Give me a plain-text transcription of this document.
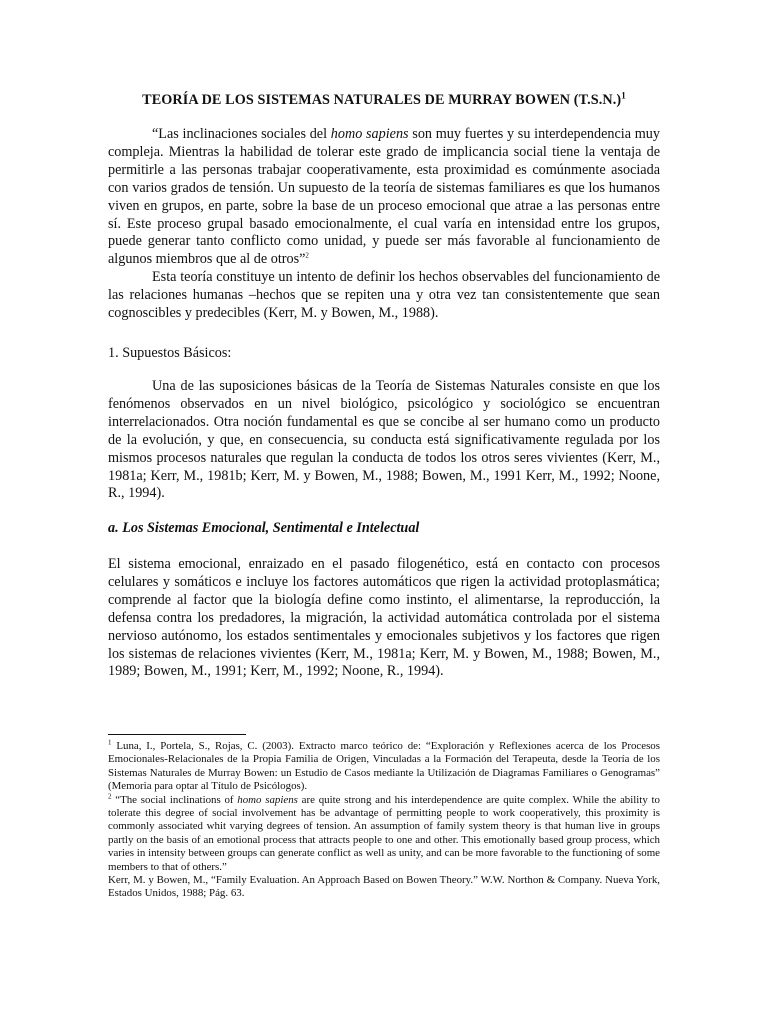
TEORÍA DE LOS SISTEMAS NATURALES DE MURRAY BOWEN $(T.S.N.)^1$

“Las inclinaciones sociales del homo sapiens son muy fuertes y su interdependencia muy compleja. Mientras la habilidad de tolerar este grado de implicancia social tiene la ventaja de permitirle a las personas trabajar cooperativamente, esta proximidad es comúnmente asociada con varios grados de tensión. Un supuesto de la teoría de sistemas familiares es que los humanos viven en grupos, en parte, sobre la base de un proceso emocional que atrae a las personas entre sí. Este proceso grupal basado emocionalmente, el cual varía en intensidad entre los grupos, puede generar tanto conflicto como unidad, y puede ser más favorable al funcionamiento de algunos miembros que al de otros”$^2$

Esta teoría constituye un intento de definir los hechos observables del funcionamiento de las relaciones humanas –hechos que se repiten una y otra vez tan consistentemente que sean cognoscibles y predecibles (Kerr, M. y Bowen, M., 1988).

1. Supuestos Básicos:

Una de las suposiciones básicas de la Teoría de Sistemas Naturales consiste en que los fenómenos observados en un nivel biológico, psicológico y sociológico se encuentran interrelacionados. Otra noción fundamental es que se concibe al ser humano como un producto de la evolución, y que, en consecuencia, su conducta está significativamente regulada por los mismos procesos naturales que regulan la conducta de todos los otros seres vivientes (Kerr, M., 1981a; Kerr, M., 1981b; Kerr, M. y Bowen, M., 1988; Bowen, M., 1991 Kerr, M., 1992; Noone, R., 1994).

a. Los Sistemas Emocional, Sentimental e Intelectual

El sistema emocional, enraizado en el pasado filogenético, está en contacto con procesos celulares y somáticos e incluye los factores automáticos que rigen la actividad protoplasmática; comprende al factor que la biología define como instinto, el alimentarse, la reproducción, la defensa contra los predadores, la migración, la actividad automática controlada por el sistema nervioso autónomo, los estados sentimentales y emocionales subjetivos y los factores que rigen los sistemas de relaciones vivientes (Kerr, M., 1981a; Kerr, M. y Bowen, M., 1988; Bowen, M., 1989; Bowen, M., 1991; Kerr, M., 1992; Noone, R., 1994).

$^1$ Luna, I., Portela, S., Rojas, C. (2003). Extracto marco teórico de: “Exploración y Reflexiones acerca de los Procesos Emocionales-Relacionales de la Propia Familia de Origen, Vinculadas a la Formación del Terapeuta, desde la Teoría de los Sistemas Naturales de Murray Bowen: un Estudio de Casos mediante la Utilización de Diagramas Familiares o Genogramas” (Memoria para optar al Título de Psicólogos).

$^2$ “The social inclinations of homo sapiens are quite strong and his interdependence are quite complex. While the ability to tolerate this degree of social involvement has be advantage of permitting people to work cooperatively, this proximity is commonly associated whit varying degrees of tension. An assumption of family system theory is that human live in groups partly on the basis of an emotional process that attracts people to one and other. This emotionally based group process, which varies in intensity between groups can generate conflict as well as unity, and can be more favorable to the functioning of some members to that of others.”

Kerr, M. y Bowen, M., “Family Evaluation. An Approach Based on Bowen Theory.” W.W. Northon & Company. Nueva York, Estados Unidos, 1988; Pág. 63.
